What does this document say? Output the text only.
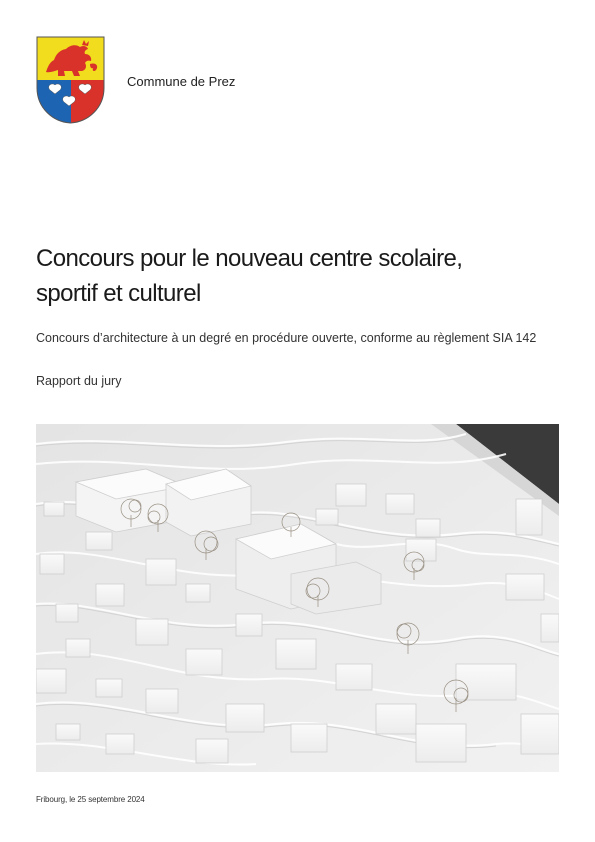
Commune de Prez
Concours pour le nouveau centre scolaire,
sportif et culturel
Concours d’architecture à un degré en procédure ouverte, conforme au règlement SIA 142
Rapport du jury
Fribourg, le 25 septembre 2024
